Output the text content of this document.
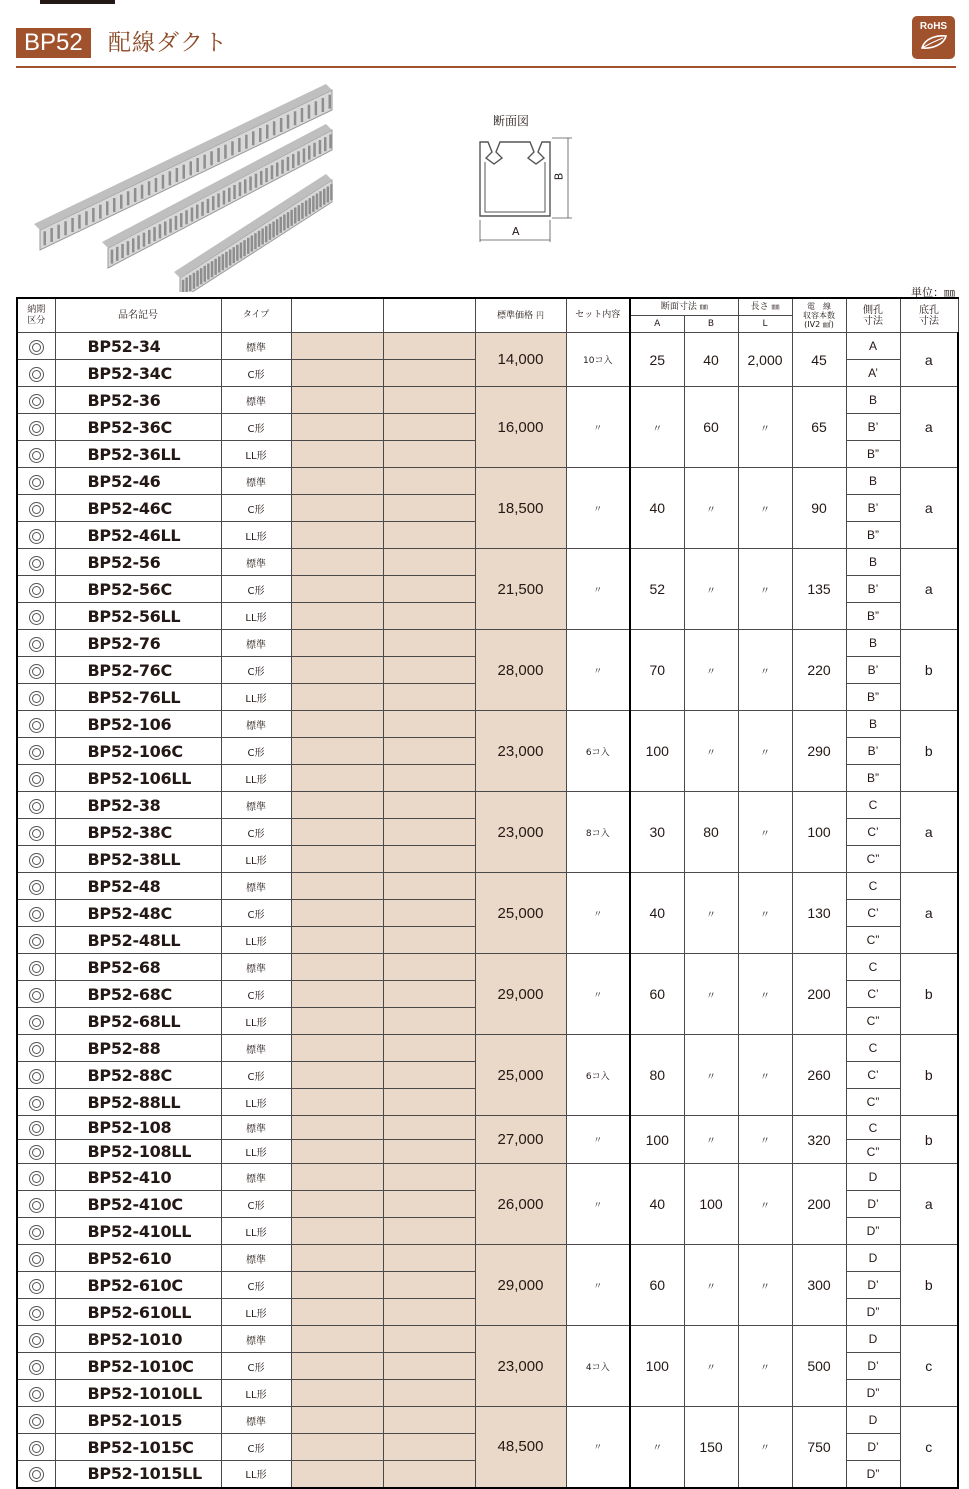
BP52	配線ダクト
RoHS
断面図
B
A
単位：㎜
納期
区分	品名記号	タイプ			標準価格 円	セット内容	断面寸法 ㎜		長さ ㎜	電　線
収容本数
(IV2 ㎟)	側孔
寸法	底孔
寸法
							A	B	L			
	BP52-34	標準			14,000	10コ入	25	40	2,000	45	A	a
	BP52-34C	C形									A’	
	BP52-36	標準			16,000	〃	〃	60	〃	65	B	a
	BP52-36C	C形									B’	
	BP52-36LL	LL形									B”	
	BP52-46	標準			18,500	〃	40	〃	〃	90	B	a
	BP52-46C	C形									B’	
	BP52-46LL	LL形									B”	
	BP52-56	標準			21,500	〃	52	〃	〃	135	B	a
	BP52-56C	C形									B’	
	BP52-56LL	LL形									B”	
	BP52-76	標準			28,000	〃	70	〃	〃	220	B	b
	BP52-76C	C形									B’	
	BP52-76LL	LL形									B”	
	BP52-106	標準			23,000	6コ入	100	〃	〃	290	B	b
	BP52-106C	C形									B’	
	BP52-106LL	LL形									B”	
	BP52-38	標準			23,000	8コ入	30	80	〃	100	C	a
	BP52-38C	C形									C’	
	BP52-38LL	LL形									C”	
	BP52-48	標準			25,000	〃	40	〃	〃	130	C	a
	BP52-48C	C形									C’	
	BP52-48LL	LL形									C”	
	BP52-68	標準			29,000	〃	60	〃	〃	200	C	b
	BP52-68C	C形									C’	
	BP52-68LL	LL形									C”	
	BP52-88	標準			25,000	6コ入	80	〃	〃	260	C	b
	BP52-88C	C形									C’	
	BP52-88LL	LL形									C”	
	BP52-108	標準			27,000	〃	100	〃	〃	320	C	b
	BP52-108LL	LL形									C”	
	BP52-410	標準			26,000	〃	40	100	〃	200	D	a
	BP52-410C	C形									D’	
	BP52-410LL	LL形									D”	
	BP52-610	標準			29,000	〃	60	〃	〃	300	D	b
	BP52-610C	C形									D’	
	BP52-610LL	LL形									D”	
	BP52-1010	標準			23,000	4コ入	100	〃	〃	500	D	c
	BP52-1010C	C形									D’	
	BP52-1010LL	LL形									D”	
	BP52-1015	標準			48,500	〃	〃	150	〃	750	D	c
	BP52-1015C	C形									D’	
	BP52-1015LL	LL形									D”	
